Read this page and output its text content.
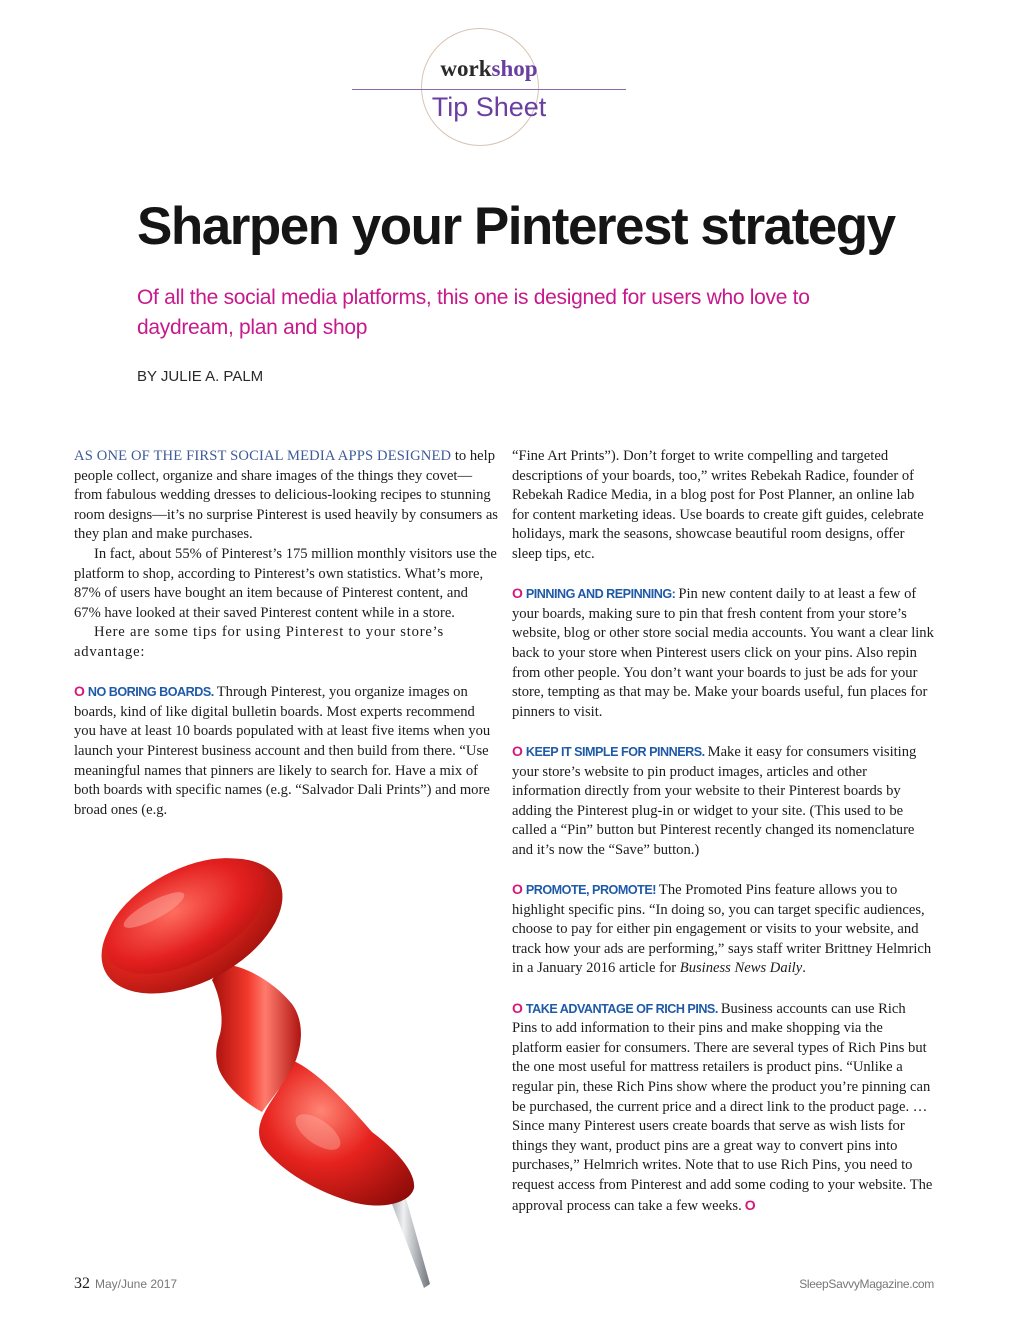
workshop
Tip Sheet
Sharpen your Pinterest strategy

Of all the social media platforms, this one is designed for users who love to daydream, plan and shop

BY JULIE A. PALM

AS ONE OF THE FIRST SOCIAL MEDIA APPS DESIGNED to help people collect, organize and share images of the things they covet—from fabulous wedding dresses to delicious-looking recipes to stunning room designs—it’s no surprise Pinterest is used heavily by consumers as they plan and make purchases.

In fact, about 55% of Pinterest’s 175 million monthly visitors use the platform to shop, according to Pinterest’s own statistics. What’s more, 87% of users have bought an item because of Pinterest content, and 67% have looked at their saved Pinterest content while in a store.

Here are some tips for using Pinterest to your store’s advantage:

O NO BORING BOARDS. Through Pinterest, you organize images on boards, kind of like digital bulletin boards. Most experts recommend you have at least 10 boards populated with at least five items when you launch your Pinterest business account and then build from there. “Use meaningful names that pinners are likely to search for. Have a mix of both boards with specific names (e.g. “Salvador Dali Prints”) and more broad ones (e.g.

“Fine Art Prints”). Don’t forget to write compelling and targeted descriptions of your boards, too,” writes Rebekah Radice, founder of Rebekah Radice Media, in a blog post for Post Planner, an online lab for content marketing ideas. Use boards to create gift guides, celebrate holidays, mark the seasons, showcase beautiful room designs, offer sleep tips, etc.

O PINNING AND REPINNING: Pin new content daily to at least a few of your boards, making sure to pin that fresh content from your store’s website, blog or other store social media accounts. You want a clear link back to your store when Pinterest users click on your pins. Also repin from other people. You don’t want your boards to just be ads for your store, tempting as that may be. Make your boards useful, fun places for pinners to visit.

O KEEP IT SIMPLE FOR PINNERS. Make it easy for consumers visiting your store’s website to pin product images, articles and other information directly from your website to their Pinterest boards by adding the Pinterest plug-in or widget to your site. (This used to be called a “Pin” button but Pinterest recently changed its nomenclature and it’s now the “Save” button.)

O PROMOTE, PROMOTE! The Promoted Pins feature allows you to highlight specific pins. “In doing so, you can target specific audiences, choose to pay for either pin engagement or visits to your website, and track how your ads are performing,” says staff writer Brittney Helmrich in a January 2016 article for Business News Daily.

O TAKE ADVANTAGE OF RICH PINS. Business accounts can use Rich Pins to add information to their pins and make shopping via the platform easier for consumers. There are several types of Rich Pins but the one most useful for mattress retailers is product pins. “Unlike a regular pin, these Rich Pins show where the product you’re pinning can be purchased, the current price and a direct link to the product page. … Since many Pinterest users create boards that serve as wish lists for things they want, product pins are a great way to convert pins into purchases,” Helmrich writes. Note that to use Rich Pins, you need to request access from Pinterest and add some coding to your website. The approval process can take a few weeks. O

32 May/June 2017	SleepSavvyMagazine.com
